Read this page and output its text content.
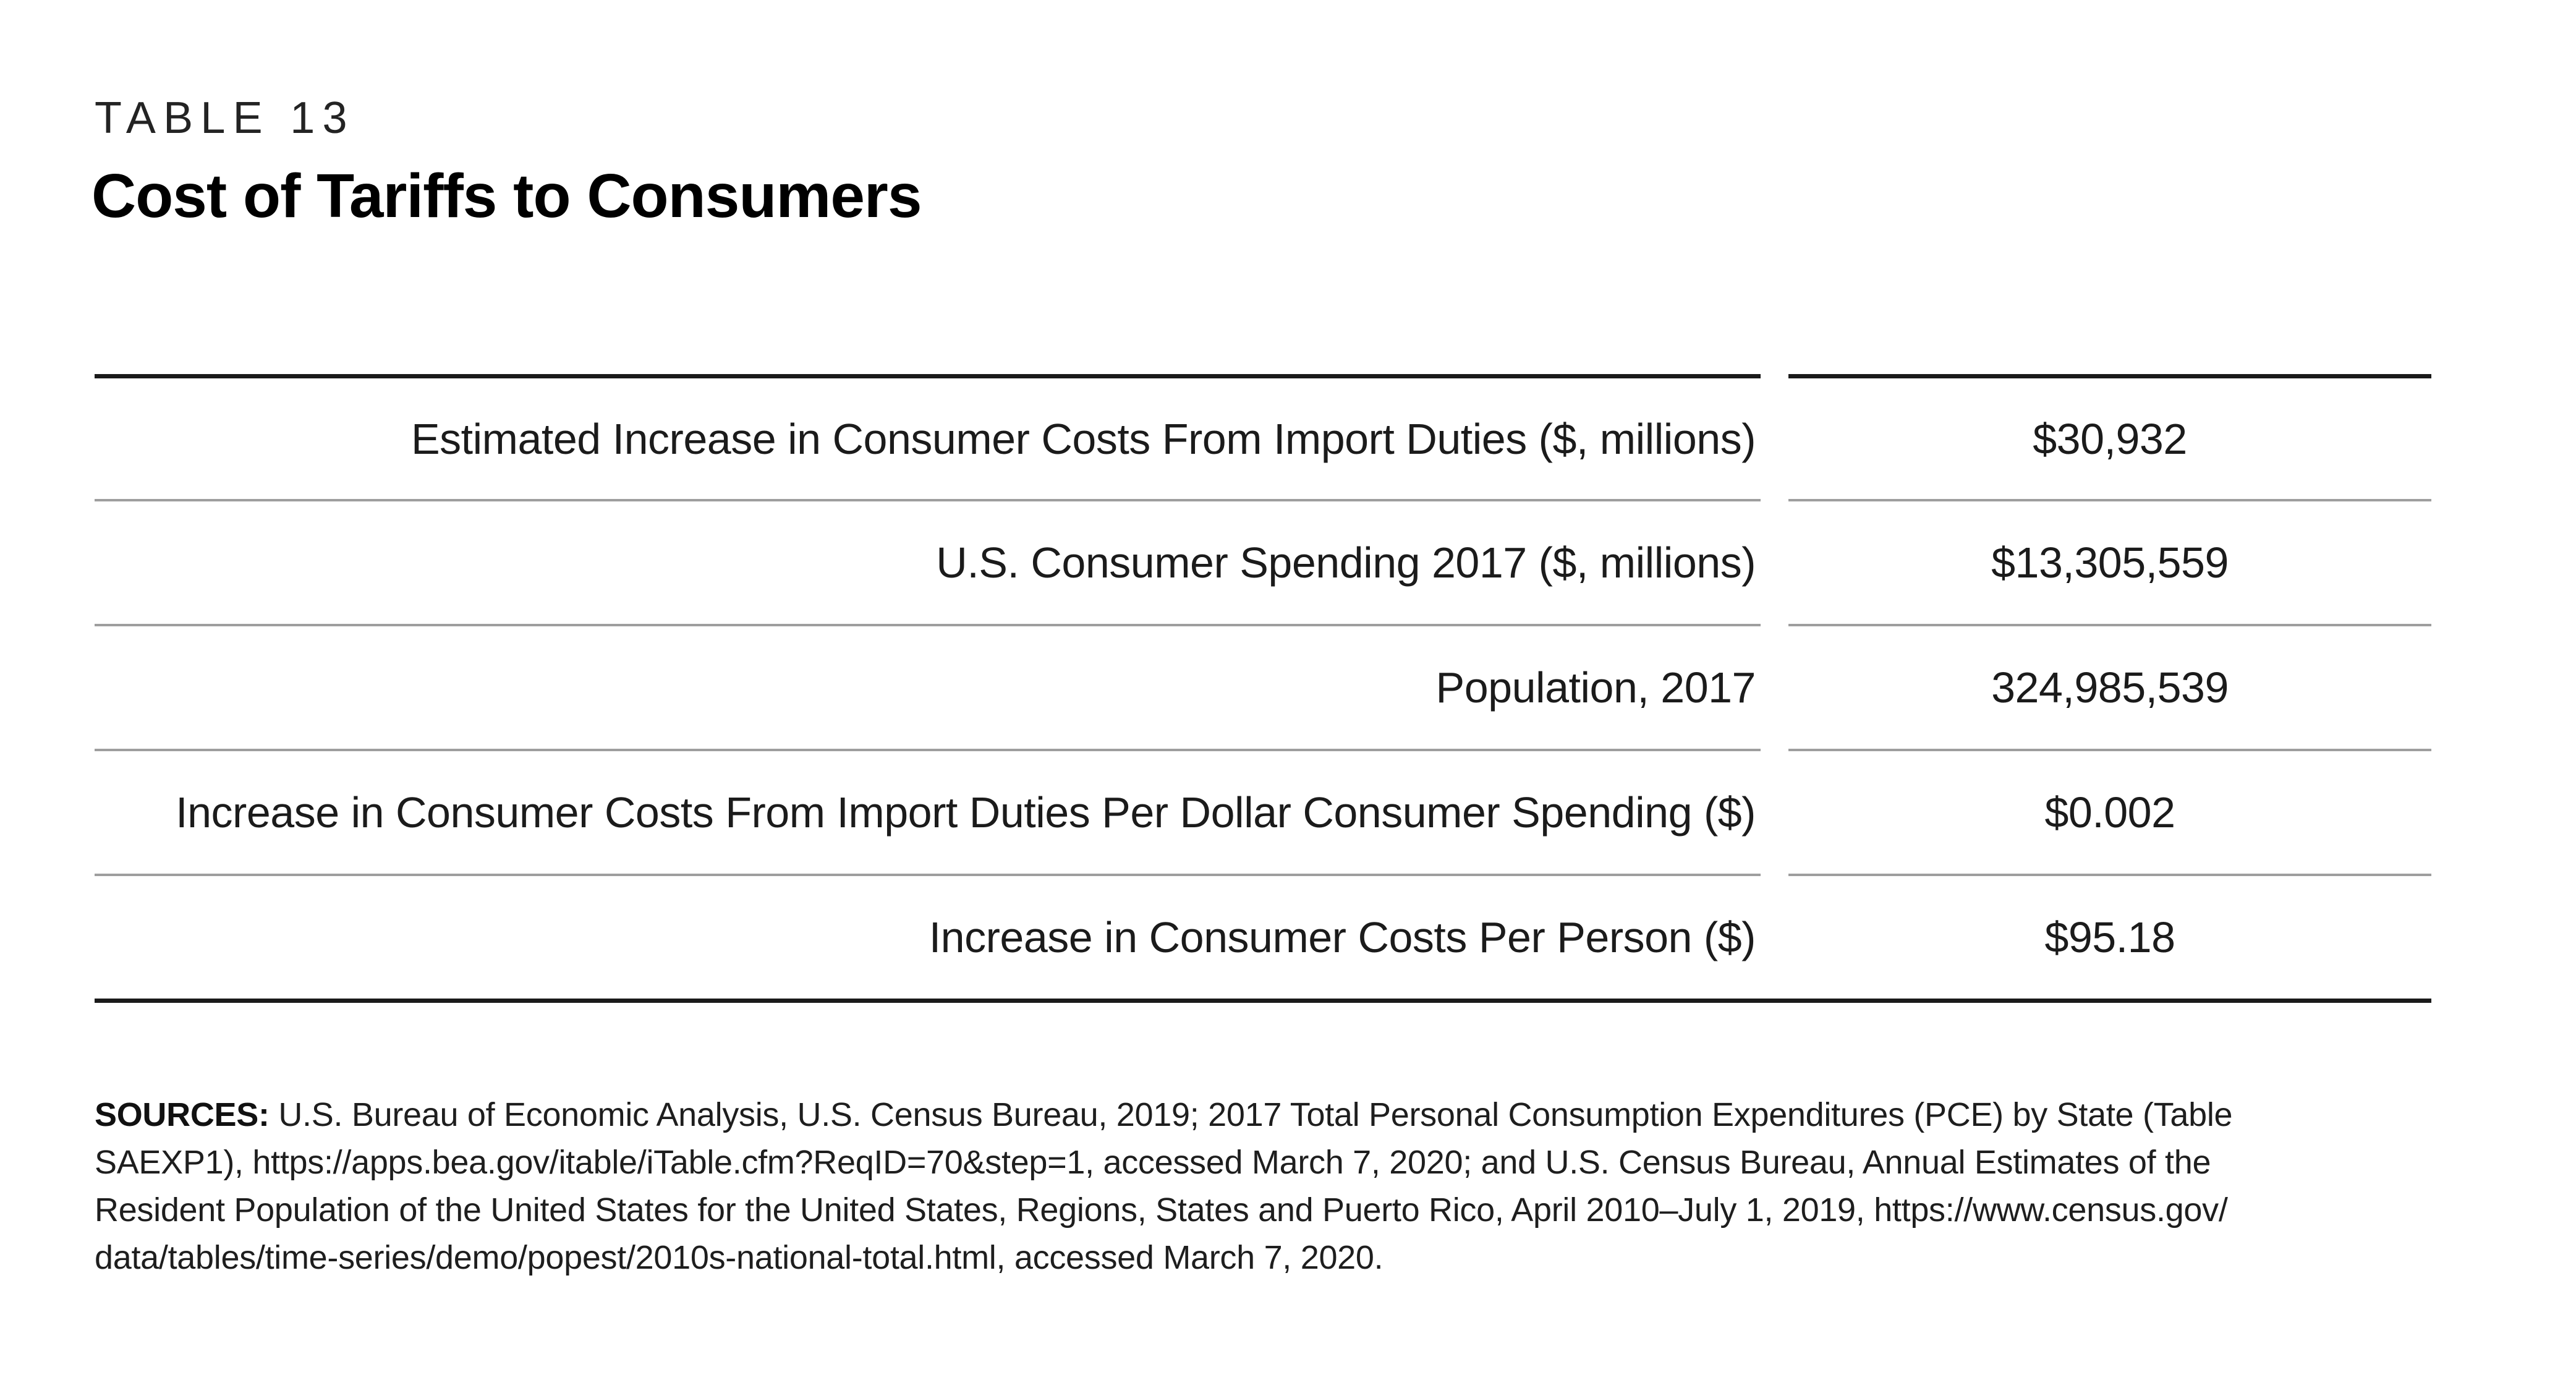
TABLE 13
Cost of Tariffs to Consumers
Estimated Increase in Consumer Costs From Import Duties ($, millions)	$30,932
U.S. Consumer Spending 2017 ($, millions)	$13,305,559
Population, 2017	324,985,539
Increase in Consumer Costs From Import Duties Per Dollar Consumer Spending ($)	$0.002
Increase in Consumer Costs Per Person ($)	$95.18

SOURCES: U.S. Bureau of Economic Analysis, U.S. Census Bureau, 2019; 2017 Total Personal Consumption Expenditures (PCE) by State (Table
SAEXP1), https://apps.bea.gov/itable/iTable.cfm?ReqID=70&step=1, accessed March 7, 2020; and U.S. Census Bureau, Annual Estimates of the
Resident Population of the United States for the United States, Regions, States and Puerto Rico, April 2010–July 1, 2019, https://www.census.gov/
data/tables/time-series/demo/popest/2010s-national-total.html, accessed March 7, 2020.
